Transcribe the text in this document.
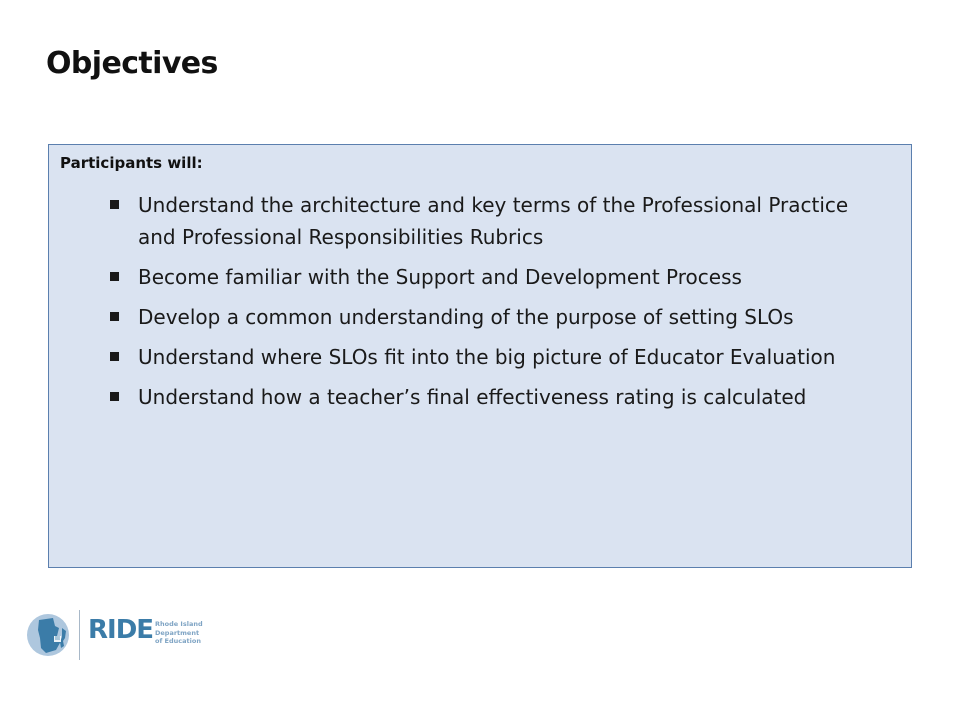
Objectives
Participants will:
Understand the architecture and key terms of the Professional Practice and Professional Responsibilities Rubrics
Become familiar with the Support and Development Process
Develop a common understanding of the purpose of setting SLOs
Understand where SLOs fit into the big picture of Educator Evaluation
Understand how a teacher’s final effectiveness rating is calculated
RIDE Rhode Island
Department
of Education
